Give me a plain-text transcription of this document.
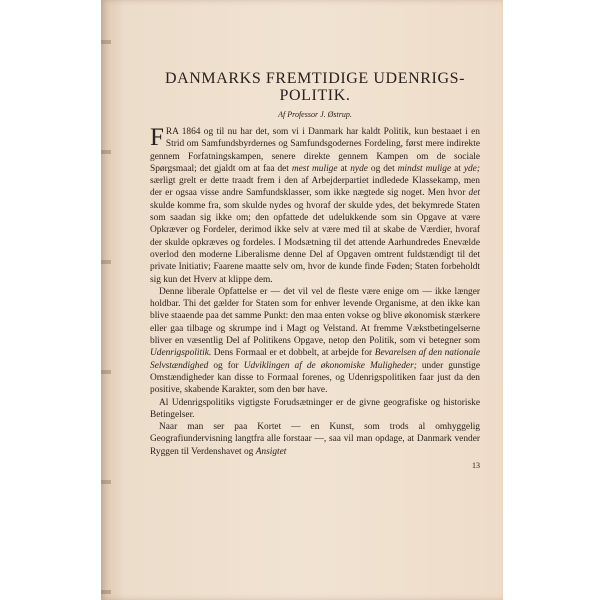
DANMARKS FREMTIDIGE UDENRIGS-
POLITIK.
Af Professor J. Østrup.

FRA 1864 og til nu har det, som vi i Danmark har kaldt Politik, kun bestaaet i en Strid om Samfundsbyrdernes og Samfundsgodernes Fordeling, først mere indirekte gennem Forfatningskampen, senere direkte gennem Kampen om de sociale Spørgsmaal; det gjaldt om at faa det mest mulige at nyde og det mindst mulige at yde; særligt grelt er dette traadt frem i den af Arbejderpartiet indledede Klassekamp, men der er ogsaa visse andre Samfundsklasser, som ikke nægtede sig noget. Men hvor det skulde komme fra, som skulde nydes og hvoraf der skulde ydes, det bekymrede Staten som saadan sig ikke om; den opfattede det udelukkende som sin Opgave at være Opkræver og Fordeler, derimod ikke selv at være med til at skabe de Værdier, hvoraf der skulde opkræves og fordeles. I Modsætning til det attende Aarhundredes Enevælde overlod den moderne Liberalisme denne Del af Opgaven omtrent fuldstændigt til det private Initiativ; Faarene maatte selv om, hvor de kunde finde Føden; Staten forbeholdt sig kun det Hverv at klippe dem.

Denne liberale Opfattelse er — det vil vel de fleste være enige om — ikke længer holdbar. Thi det gælder for Staten som for enhver levende Organisme, at den ikke kan blive staaende paa det samme Punkt: den maa enten vokse og blive økonomisk stærkere eller gaa tilbage og skrumpe ind i Magt og Velstand. At fremme Vækstbetingelserne bliver en væsentlig Del af Politikens Opgave, netop den Politik, som vi betegner som Udenrigspolitik. Dens Formaal er et dobbelt, at arbejde for Bevarelsen af den nationale Selvstændighed og for Udviklingen af de økonomiske Muligheder; under gunstige Omstændigheder kan disse to Formaal forenes, og Udenrigspolitiken faar just da den positive, skabende Karakter, som den bør have.

Al Udenrigspolitiks vigtigste Forudsætninger er de givne geografiske og historiske Betingelser.

Naar man ser paa Kortet — en Kunst, som trods al omhyggelig Geografiundervisning langtfra alle forstaar —, saa vil man opdage, at Danmark vender Ryggen til Verdenshavet og Ansigtet

13
